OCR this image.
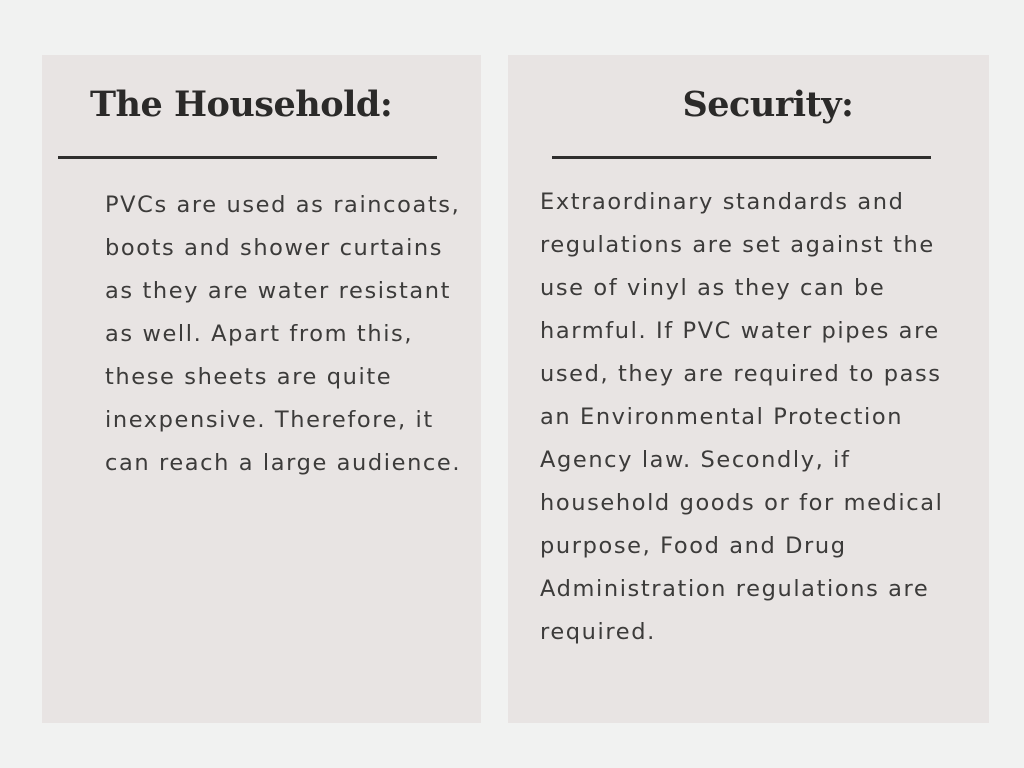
The Household:

PVCs are used as raincoats, boots and shower curtains as they are water resistant as well. Apart from this, these sheets are quite inexpensive. Therefore, it can reach a large audience.

Security:

Extraordinary standards and regulations are set against the use of vinyl as they can be harmful. If PVC water pipes are used, they are required to pass an Environmental Protection Agency law. Secondly, if household goods or for medical purpose, Food and Drug Administration regulations are required.
